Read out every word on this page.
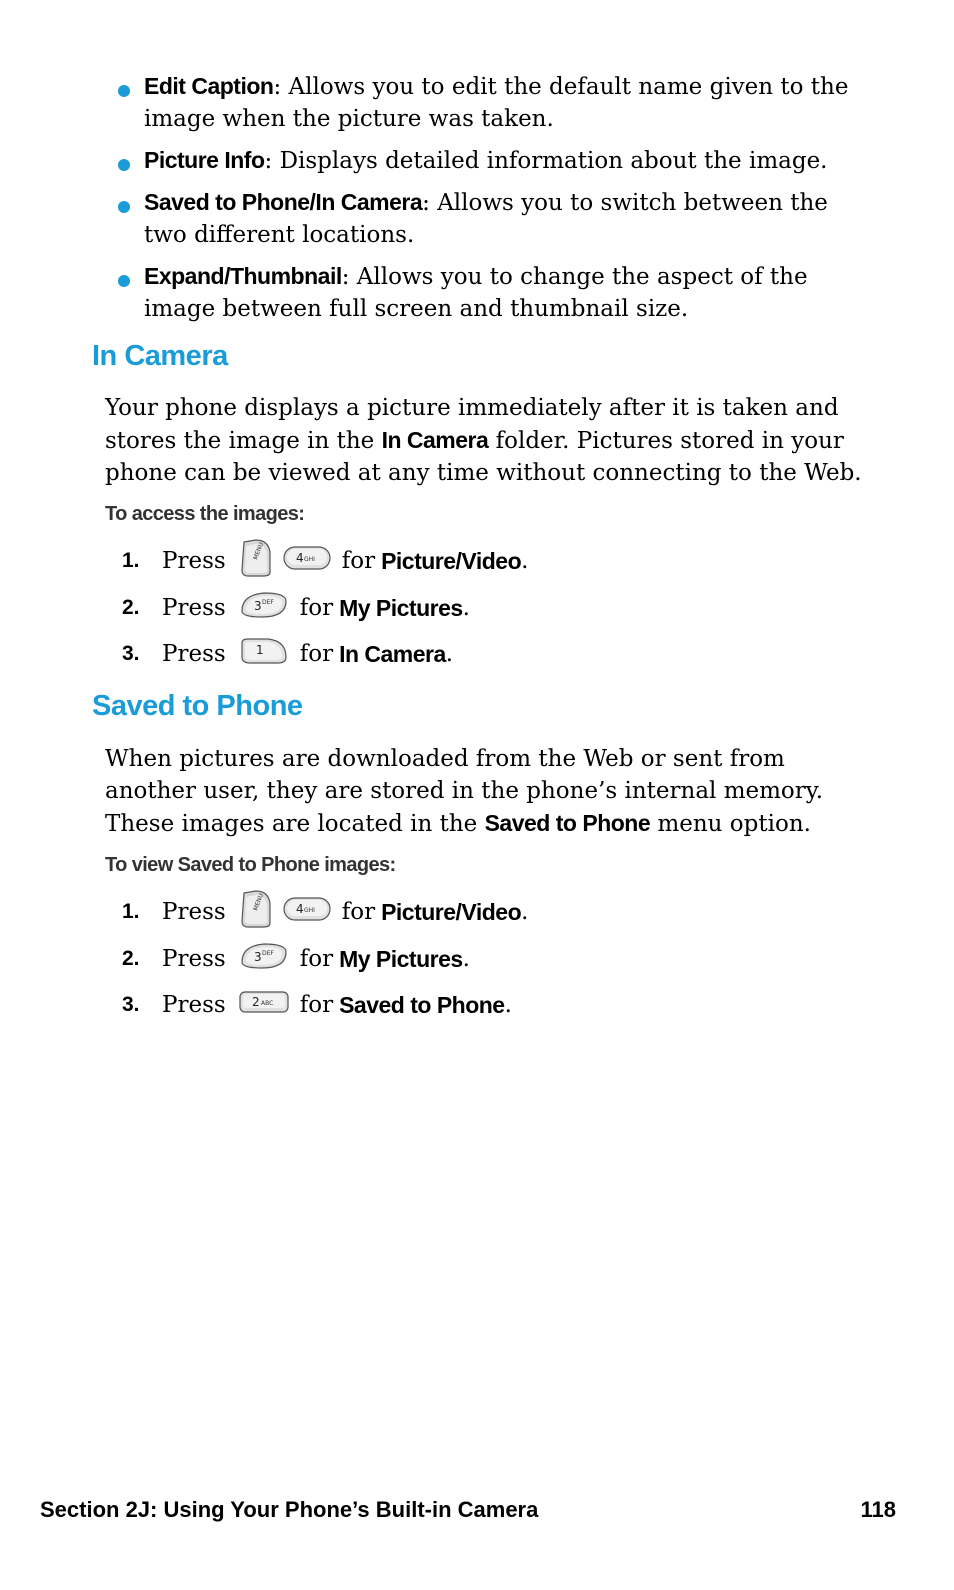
Edit Caption: Allows you to edit the default name given to the image when the picture was taken.
Picture Info: Displays detailed information about the image.
Saved to Phone/In Camera: Allows you to switch between the two different locations.
Expand/Thumbnail: Allows you to change the aspect of the image between full screen and thumbnail size.
In Camera

Your phone displays a picture immediately after it is taken and stores the image in the In Camera folder. Pictures stored in your phone can be viewed at any time without connecting to the Web.

To access the images:

1. Press	MENU	4 GHI for Picture/Video .
2. Press 3 DEF for My Pictures .
3. Press	1 for In Camera .
Saved to Phone

When pictures are downloaded from the Web or sent from another user, they are stored in the phone’s internal memory. These images are located in the Saved to Phone menu option.

To view Saved to Phone images:

1. Press	MENU	4 GHI for Picture/Video .
2. Press 3 DEF for My Pictures .
3. Press 2 ABC for Saved to Phone .
Section 2J: Using Your Phone’s Built-in Camera	118
